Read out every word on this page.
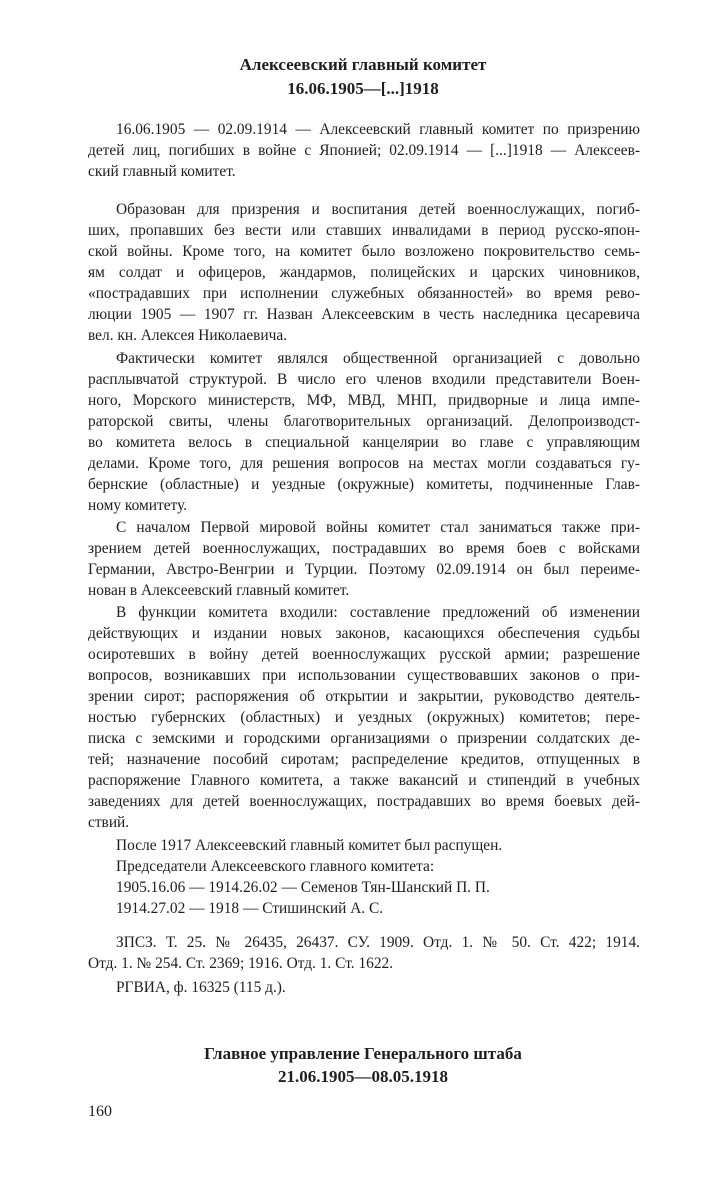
Алексеевский главный комитет
16.06.1905—[...]1918
16.06.1905 — 02.09.1914 — Алексеевский главный комитет по призрению
детей лиц, погибших в войне с Японией; 02.09.1914 — [...]1918 — Алексеев-
ский главный комитет.
Образован для призрения и воспитания детей военнослужащих, погиб-
ших, пропавших без вести или ставших инвалидами в период русско-япон-
ской войны. Кроме того, на комитет было возложено покровительство семь-
ям солдат и офицеров, жандармов, полицейских и царских чиновников,
«пострадавших при исполнении служебных обязанностей» во время рево-
люции 1905 — 1907 гг. Назван Алексеевским в честь наследника цесаревича
вел. кн. Алексея Николаевича.
Фактически комитет являлся общественной организацией с довольно
расплывчатой структурой. В число его членов входили представители Воен-
ного, Морского министерств, МФ, МВД, МНП, придворные и лица импе-
раторской свиты, члены благотворительных организаций. Делопроизводст-
во комитета велось в специальной канцелярии во главе с управляющим
делами. Кроме того, для решения вопросов на местах могли создаваться гу-
бернские (областные) и уездные (окружные) комитеты, подчиненные Глав-
ному комитету.
С началом Первой мировой войны комитет стал заниматься также при-
зрением детей военнослужащих, пострадавших во время боев с войсками
Германии, Австро-Венгрии и Турции. Поэтому 02.09.1914 он был переиме-
нован в Алексеевский главный комитет.
В функции комитета входили: составление предложений об изменении
действующих и издании новых законов, касающихся обеспечения судьбы
осиротевших в войну детей военнослужащих русской армии; разрешение
вопросов, возникавших при использовании существовавших законов о при-
зрении сирот; распоряжения об открытии и закрытии, руководство деятель-
ностью губернских (областных) и уездных (окружных) комитетов; пере-
писка с земскими и городскими организациями о призрении солдатских де-
тей; назначение пособий сиротам; распределение кредитов, отпущенных в
распоряжение Главного комитета, а также вакансий и стипендий в учебных
заведениях для детей военнослужащих, пострадавших во время боевых дей-
ствий.
После 1917 Алексеевский главный комитет был распущен.
Председатели Алексеевского главного комитета:
1905.16.06 — 1914.26.02 — Семенов Тян-Шанский П. П.
1914.27.02 — 1918 — Стишинский А. С.
ЗПСЗ. Т. 25. № 26435, 26437. СУ. 1909. Отд. 1. № 50. Ст. 422; 1914.
Отд. 1. № 254. Ст. 2369; 1916. Отд. 1. Ст. 1622.
РГВИА, ф. 16325 (115 д.).
Главное управление Генерального штаба
21.06.1905—08.05.1918
160
